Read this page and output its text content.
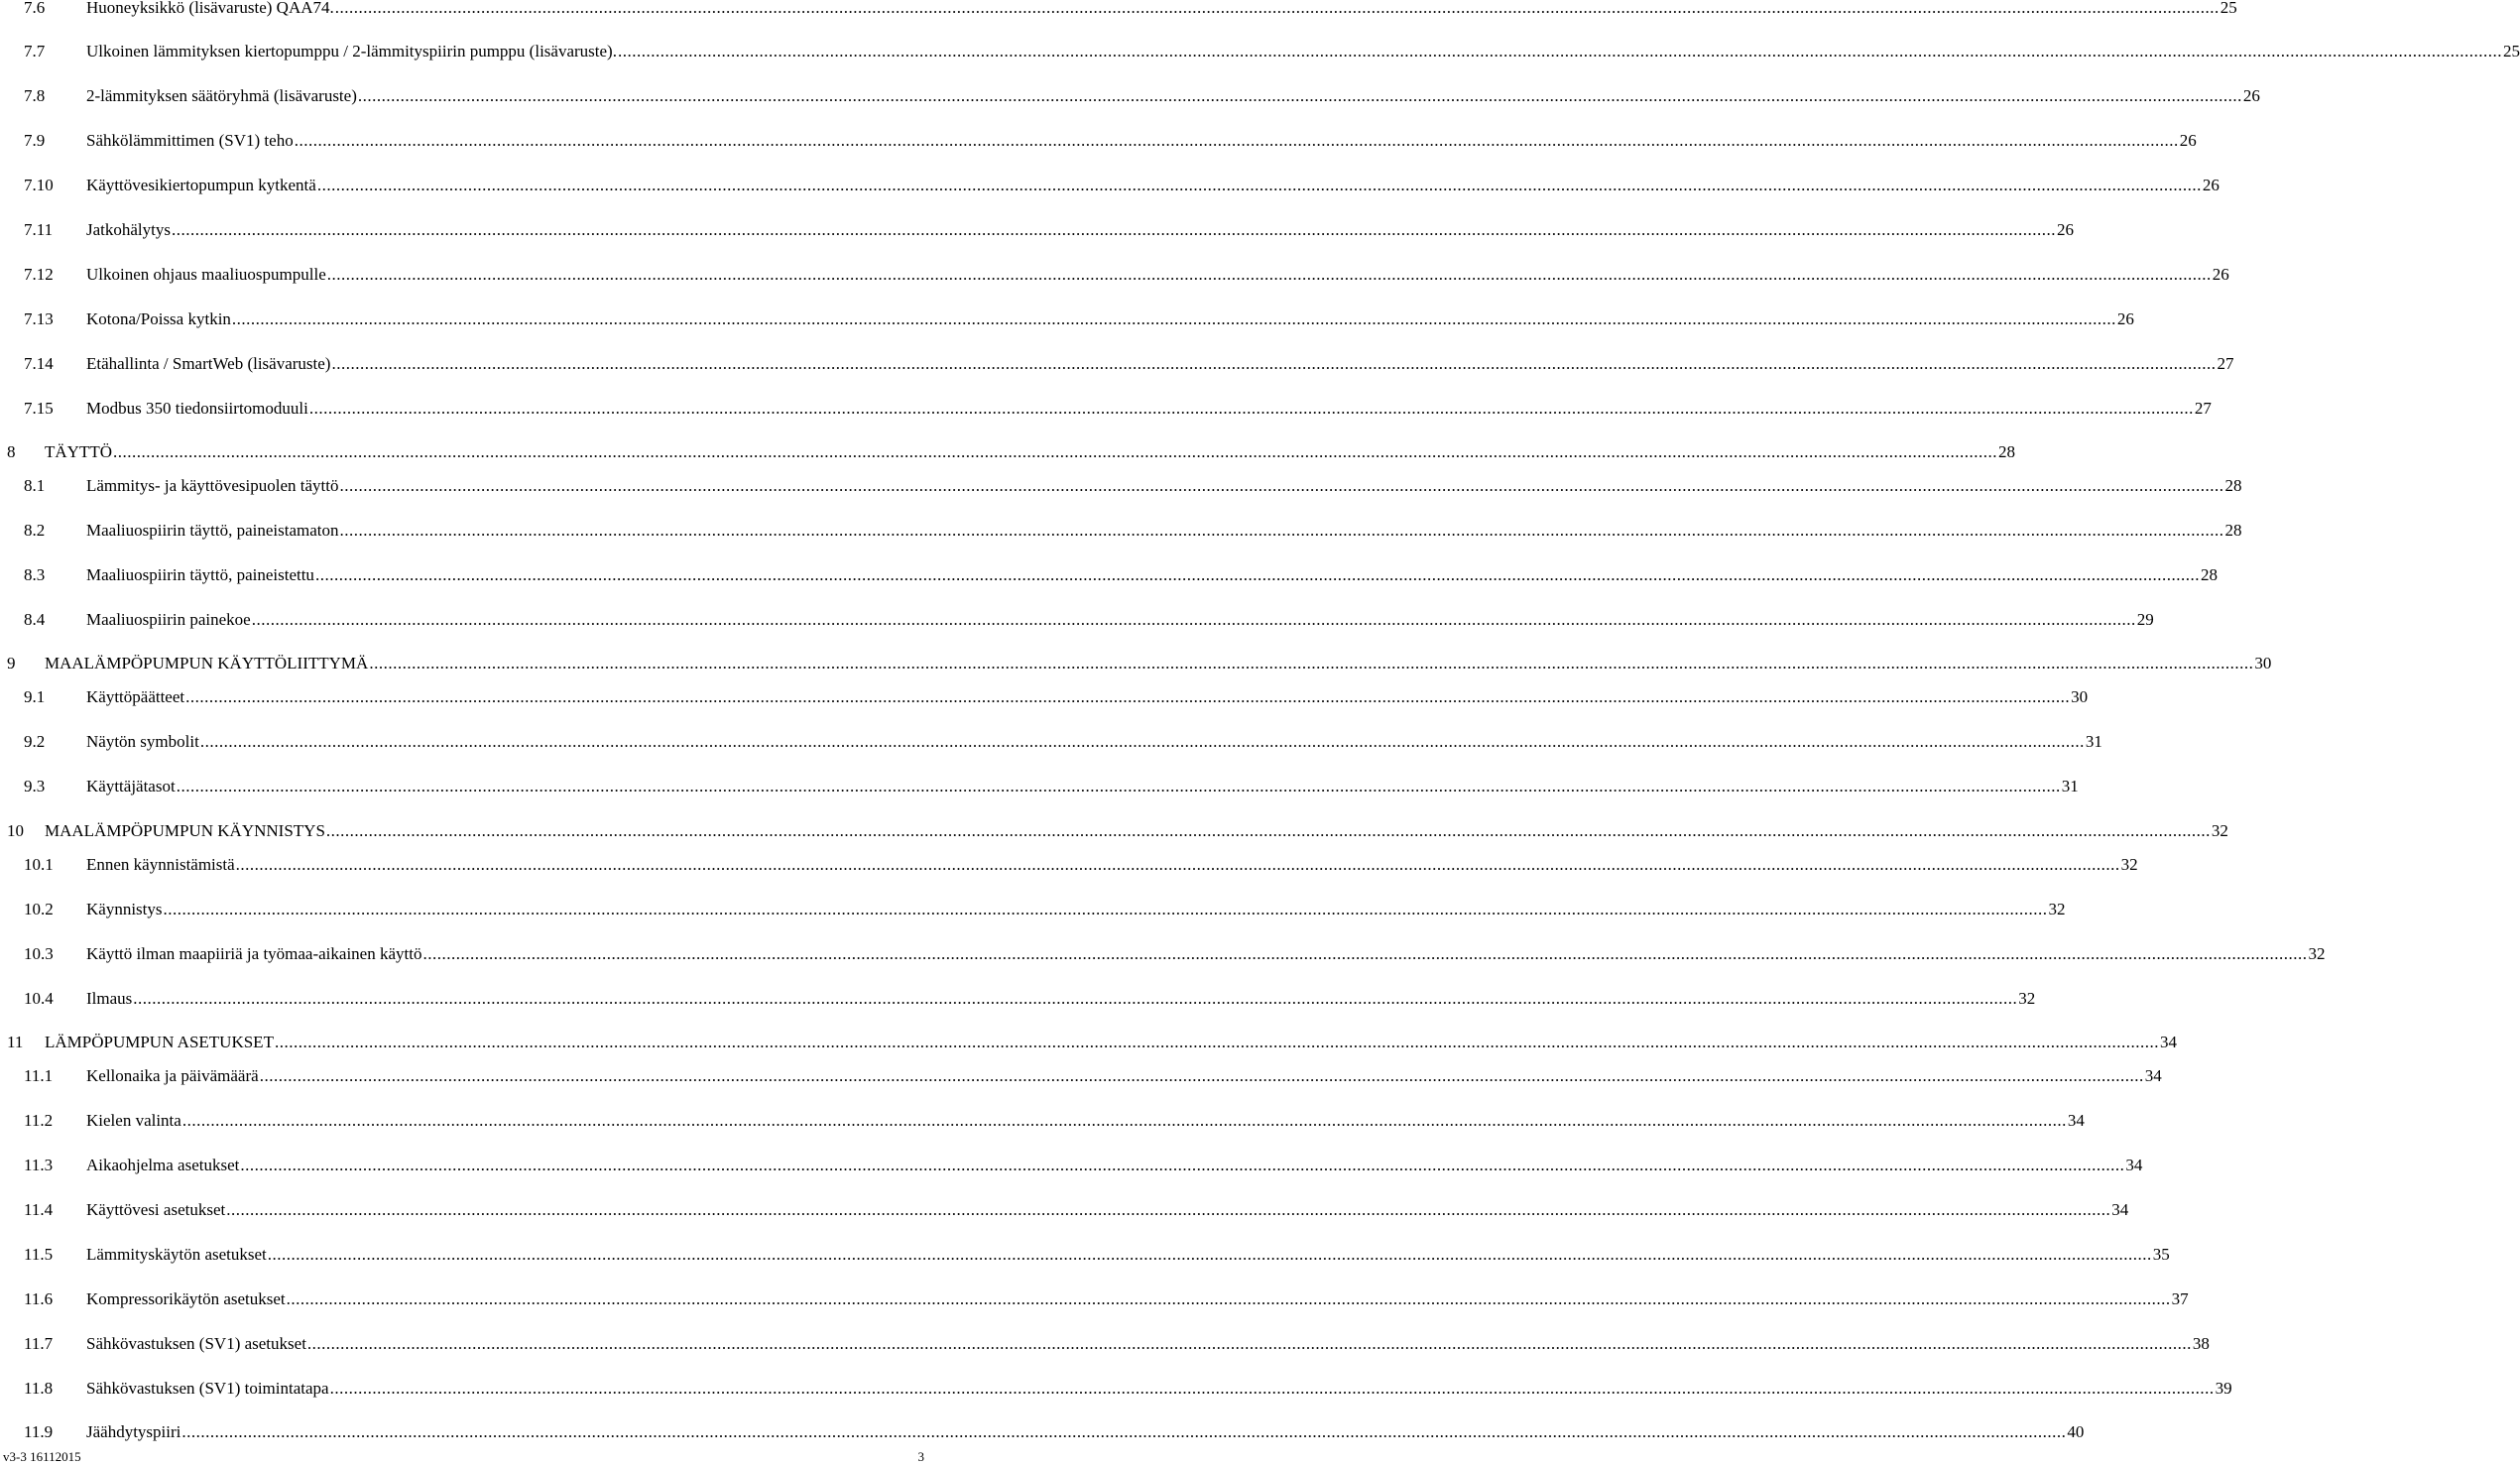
7.6 Huoneyksikkö (lisävaruste) QAA74. ................................................................................................................................................................................................................................................................................................................................................................................................................ 25
7.7 Ulkoinen lämmityksen kiertopumppu / 2-lämmityspiirin pumppu (lisävaruste). ................................................................................................................................................................................................................................................................................................................................................................................................................ 25
7.8 2-lämmityksen säätöryhmä (lisävaruste) ................................................................................................................................................................................................................................................................................................................................................................................................................ 26
7.9 Sähkölämmittimen (SV1) teho ................................................................................................................................................................................................................................................................................................................................................................................................................ 26
7.10 Käyttövesikiertopumpun kytkentä ................................................................................................................................................................................................................................................................................................................................................................................................................ 26
7.11 Jatkohälytys ................................................................................................................................................................................................................................................................................................................................................................................................................ 26
7.12 Ulkoinen ohjaus maaliuospumpulle ................................................................................................................................................................................................................................................................................................................................................................................................................ 26
7.13 Kotona/Poissa kytkin ................................................................................................................................................................................................................................................................................................................................................................................................................ 26
7.14 Etähallinta / SmartWeb (lisävaruste) ................................................................................................................................................................................................................................................................................................................................................................................................................ 27
7.15 Modbus 350 tiedonsiirtomoduuli ................................................................................................................................................................................................................................................................................................................................................................................................................ 27
8 TÄYTTÖ ................................................................................................................................................................................................................................................................................................................................................................................................................ 28
8.1 Lämmitys- ja käyttövesipuolen täyttö ................................................................................................................................................................................................................................................................................................................................................................................................................ 28
8.2 Maaliuospiirin täyttö, paineistamaton ................................................................................................................................................................................................................................................................................................................................................................................................................ 28
8.3 Maaliuospiirin täyttö, paineistettu ................................................................................................................................................................................................................................................................................................................................................................................................................ 28
8.4 Maaliuospiirin painekoe ................................................................................................................................................................................................................................................................................................................................................................................................................ 29
9 MAALÄMPÖPUMPUN KÄYTTÖLIITTYMÄ ................................................................................................................................................................................................................................................................................................................................................................................................................ 30
9.1 Käyttöpäätteet ................................................................................................................................................................................................................................................................................................................................................................................................................ 30
9.2 Näytön symbolit ................................................................................................................................................................................................................................................................................................................................................................................................................ 31
9.3 Käyttäjätasot ................................................................................................................................................................................................................................................................................................................................................................................................................ 31
10 MAALÄMPÖPUMPUN KÄYNNISTYS ................................................................................................................................................................................................................................................................................................................................................................................................................ 32
10.1 Ennen käynnistämistä ................................................................................................................................................................................................................................................................................................................................................................................................................ 32
10.2 Käynnistys ................................................................................................................................................................................................................................................................................................................................................................................................................ 32
10.3 Käyttö ilman maapiiriä ja työmaa-aikainen käyttö ................................................................................................................................................................................................................................................................................................................................................................................................................ 32
10.4 Ilmaus ................................................................................................................................................................................................................................................................................................................................................................................................................ 32
11 LÄMPÖPUMPUN ASETUKSET ................................................................................................................................................................................................................................................................................................................................................................................................................ 34
11.1 Kellonaika ja päivämäärä ................................................................................................................................................................................................................................................................................................................................................................................................................ 34
11.2 Kielen valinta ................................................................................................................................................................................................................................................................................................................................................................................................................ 34
11.3 Aikaohjelma asetukset ................................................................................................................................................................................................................................................................................................................................................................................................................ 34
11.4 Käyttövesi asetukset ................................................................................................................................................................................................................................................................................................................................................................................................................ 34
11.5 Lämmityskäytön asetukset ................................................................................................................................................................................................................................................................................................................................................................................................................ 35
11.6 Kompressorikäytön asetukset ................................................................................................................................................................................................................................................................................................................................................................................................................ 37
11.7 Sähkövastuksen (SV1) asetukset ................................................................................................................................................................................................................................................................................................................................................................................................................ 38
11.8 Sähkövastuksen (SV1) toimintatapa ................................................................................................................................................................................................................................................................................................................................................................................................................ 39
11.9 Jäähdytyspiiri ................................................................................................................................................................................................................................................................................................................................................................................................................ 40
v3-3 16112015	3
